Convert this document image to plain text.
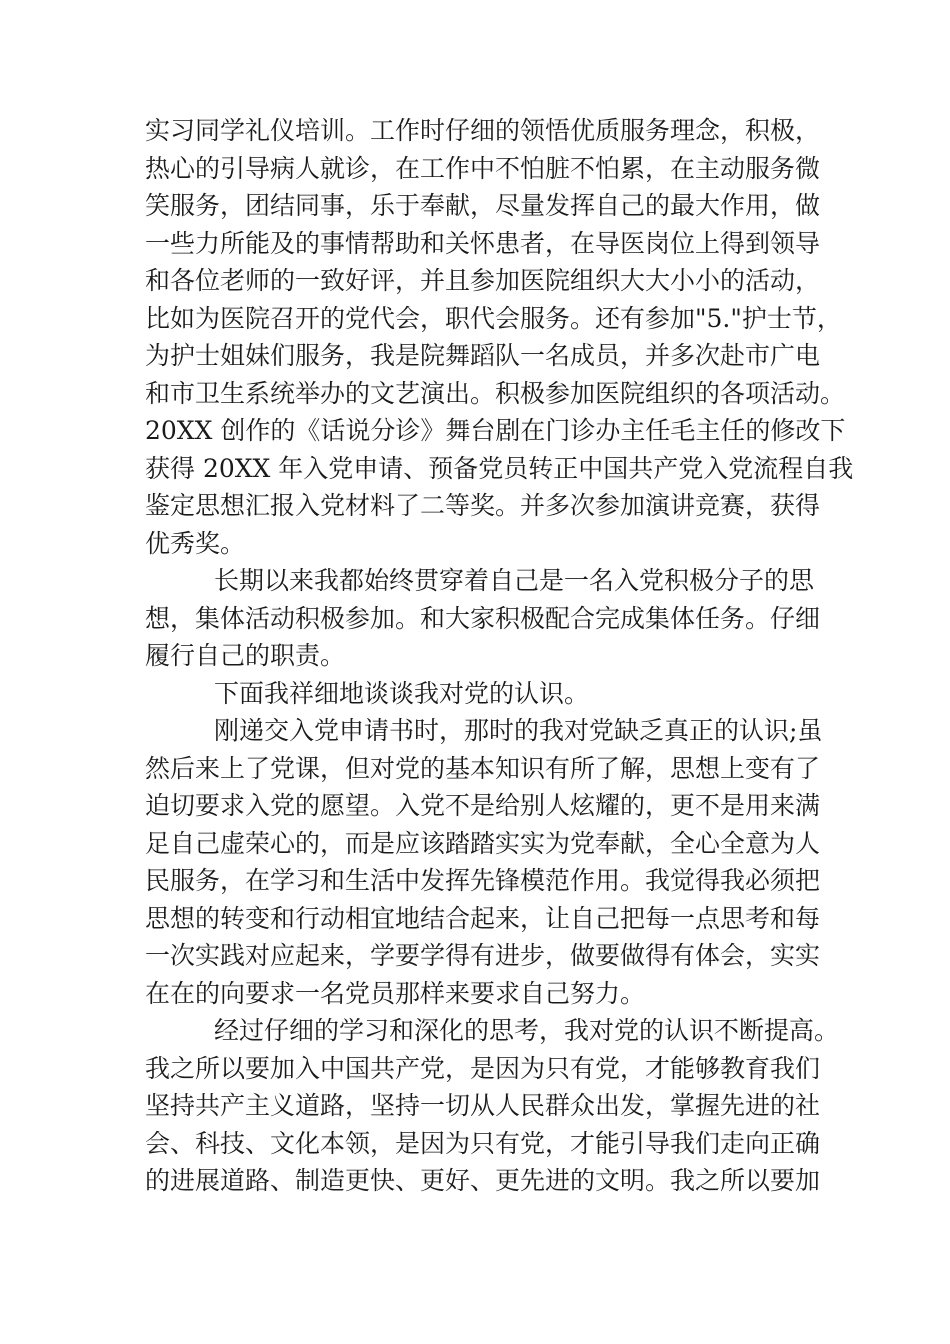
实习同学礼仪培训。工作时仔细的领悟优质服务理念，积极，
热心的引导病人就诊，在工作中不怕脏不怕累，在主动服务微
笑服务，团结同事，乐于奉献，尽量发挥自己的最大作用，做
一些力所能及的事情帮助和关怀患者，在导医岗位上得到领导
和各位老师的一致好评，并且参加医院组织大大小小的活动，
比如为医院召开的党代会，职代会服务。还有参加"5."护士节，
为护士姐妹们服务，我是院舞蹈队一名成员，并多次赴市广电
和市卫生系统举办的文艺演出。积极参加医院组织的各项活动。
20XX 创作的《话说分诊》舞台剧在门诊办主任毛主任的修改下
获得 20XX 年入党申请、预备党员转正中国共产党入党流程自我
鉴定思想汇报入党材料了二等奖。并多次参加演讲竞赛，获得
优秀奖。
长期以来我都始终贯穿着自己是一名入党积极分子的思
想，集体活动积极参加。和大家积极配合完成集体任务。仔细
履行自己的职责。
下面我祥细地谈谈我对党的认识。
刚递交入党申请书时，那时的我对党缺乏真正的认识;虽
然后来上了党课，但对党的基本知识有所了解，思想上变有了
迫切要求入党的愿望。入党不是给别人炫耀的，更不是用来满
足自己虚荣心的，而是应该踏踏实实为党奉献，全心全意为人
民服务，在学习和生活中发挥先锋模范作用。我觉得我必须把
思想的转变和行动相宜地结合起来，让自己把每一点思考和每
一次实践对应起来，学要学得有进步，做要做得有体会，实实
在在的向要求一名党员那样来要求自己努力。
经过仔细的学习和深化的思考，我对党的认识不断提高。
我之所以要加入中国共产党，是因为只有党，才能够教育我们
坚持共产主义道路，坚持一切从人民群众出发，掌握先进的社
会、科技、文化本领，是因为只有党，才能引导我们走向正确
的进展道路、制造更快、更好、更先进的文明。我之所以要加
